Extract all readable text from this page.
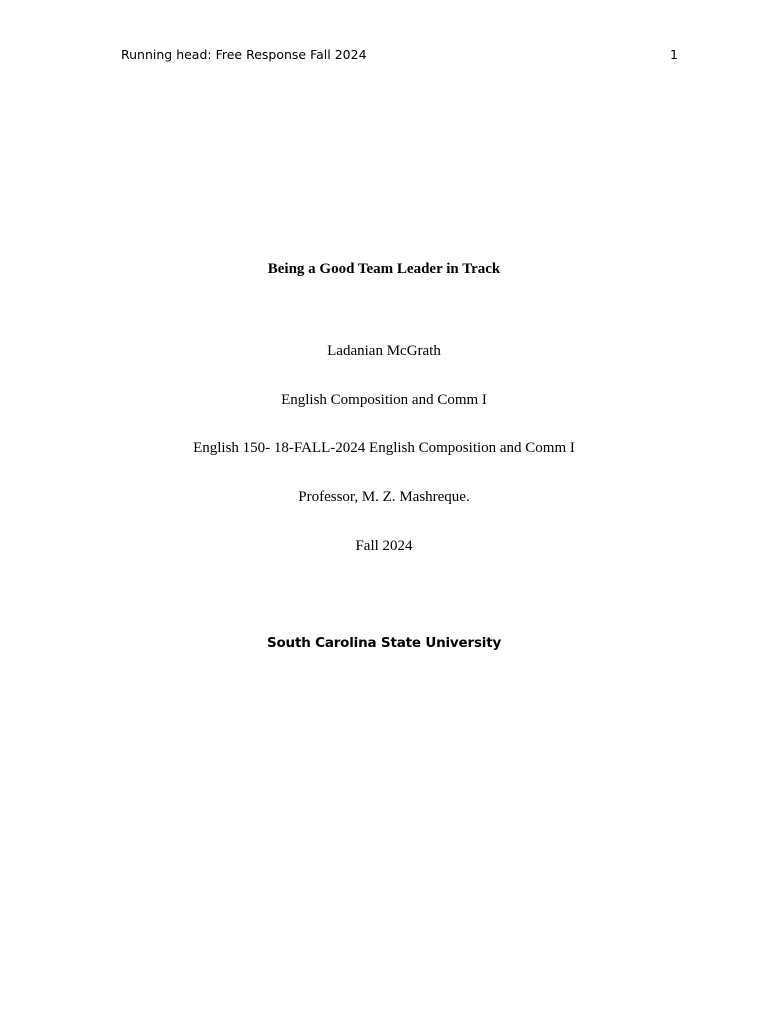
Running head: Free Response Fall 2024	1
Being a Good Team Leader in Track
Ladanian McGrath
English Composition and Comm I
English 150- 18-FALL-2024 English Composition and Comm I
Professor, M. Z. Mashreque.
Fall 2024
South Carolina State University
